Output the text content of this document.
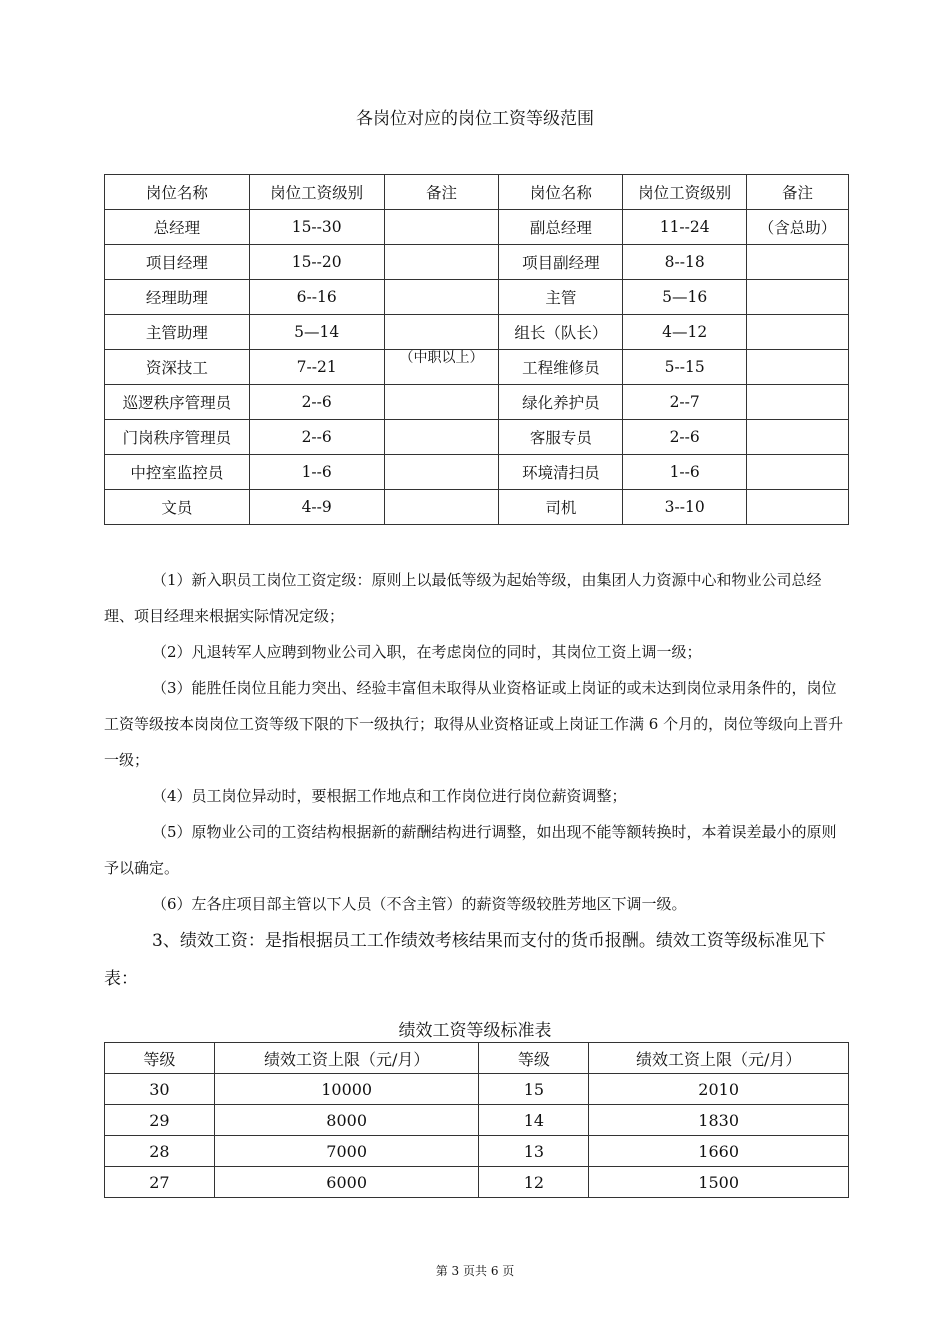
各岗位对应的岗位工资等级范围
岗位名称	岗位工资级别	备注	岗位名称	岗位工资级别	备注
总经理	15--30		副总经理	11--24	（含总助）
项目经理	15--20		项目副经理	8--18	
经理助理	6--16		主管	5—16	
主管助理	5—14		组长（队长）	4—12	
资深技工	7--21	（中职以上）	工程维修员	5--15	
巡逻秩序管理员	2--6		绿化养护员	2--7	
门岗秩序管理员	2--6		客服专员	2--6	
中控室监控员	1--6		环境清扫员	1--6	
文员	4--9		司机	3--10	

（1）新入职员工岗位工资定级：原则上以最低等级为起始等级，由集团人力资源中心和物业公司总经理、项目经理来根据实际情况定级；

（2）凡退转军人应聘到物业公司入职，在考虑岗位的同时，其岗位工资上调一级；

（3）能胜任岗位且能力突出、经验丰富但未取得从业资格证或上岗证的或未达到岗位录用条件的，岗位工资等级按本岗岗位工资等级下限的下一级执行；取得从业资格证或上岗证工作满 6 个月的，岗位等级向上晋升一级；

（4）员工岗位异动时，要根据工作地点和工作岗位进行岗位薪资调整；

（5）原物业公司的工资结构根据新的薪酬结构进行调整，如出现不能等额转换时，本着误差最小的原则予以确定。

（6）左各庄项目部主管以下人员（不含主管）的薪资等级较胜芳地区下调一级。

3、绩效工资：是指根据员工工作绩效考核结果而支付的货币报酬。绩效工资等级标准见下表：

绩效工资等级标准表
等级	绩效工资上限（元/月）	等级	绩效工资上限（元/月）
30	10000	15	2010
29	8000	14	1830
28	7000	13	1660
27	6000	12	1500
第 3 页共 6 页
